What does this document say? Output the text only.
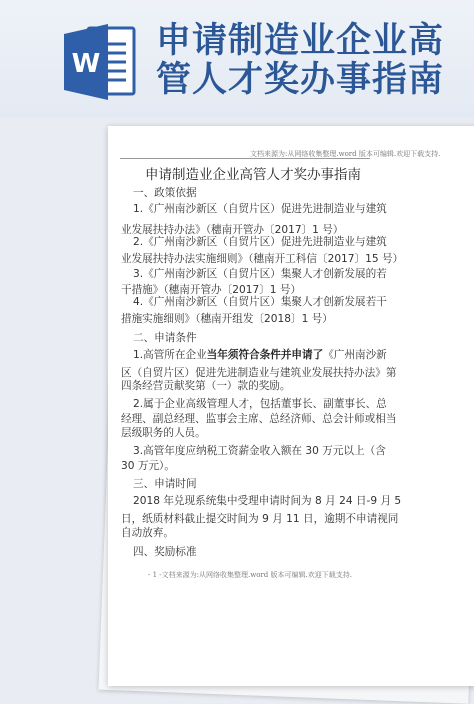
W
申请制造业企业高
管人才奖办事指南
文档来源为:从网络收集整理.word 版本可编辑.欢迎下载支持.
申请制造业企业高管人才奖办事指南
一、政策依据
1.《广州南沙新区（自贸片区）促进先进制造业与建筑
业发展扶持办法》（穗南开管办〔2017〕1 号）
2.《广州南沙新区（自贸片区）促进先进制造业与建筑
业发展扶持办法实施细则》（穗南开工科信〔2017〕15 号）
3.《广州南沙新区（自贸片区）集聚人才创新发展的若
干措施》（穗南开管办〔2017〕1 号）
4.《广州南沙新区（自贸片区）集聚人才创新发展若干
措施实施细则》（穗南开组发〔2018〕1 号）
二、申请条件
1.高管所在企业当年须符合条件并申请了《广州南沙新
区（自贸片区）促进先进制造业与建筑业发展扶持办法》第
四条经营贡献奖第（一）款的奖励。
2.属于企业高级管理人才，包括董事长、副董事长、总
经理、副总经理、监事会主席、总经济师、总会计师或相当
层级职务的人员。
3.高管年度应纳税工资薪金收入额在 30 万元以上（含
30 万元）。
三、申请时间
2018 年兑现系统集中受理申请时间为 8 月 24 日-9 月 5
日，纸质材料截止提交时间为 9 月 11 日，逾期不申请视同
自动放弃。
四、奖励标准
- 1 -文档来源为:从网络收集整理.word 版本可编辑.欢迎下载支持.
